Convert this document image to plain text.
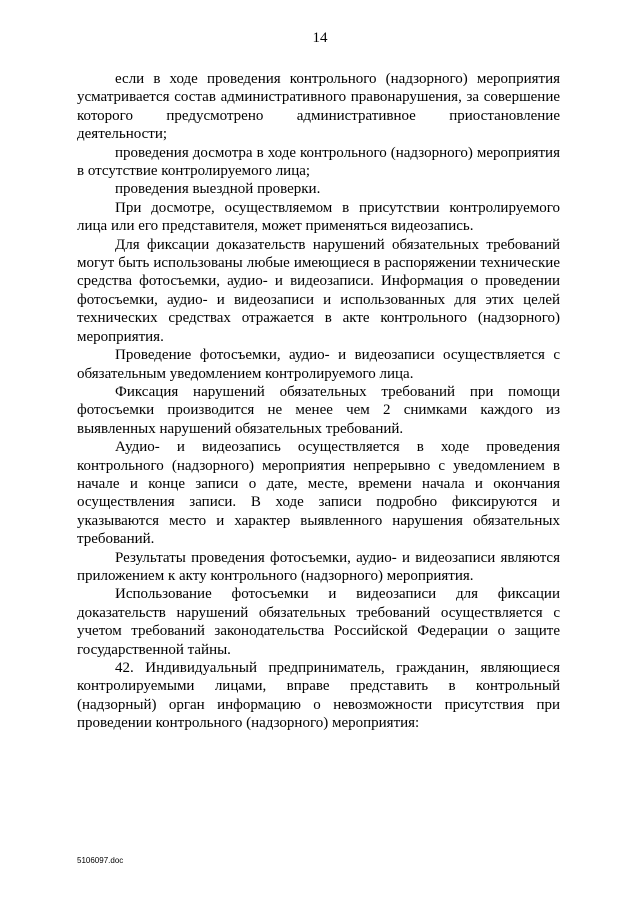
14

если в ходе проведения контрольного (надзорного) мероприятия усматривается состав административного правонарушения, за совершение которого предусмотрено административное приостановление деятельности;

проведения досмотра в ходе контрольного (надзорного) мероприятия в отсутствие контролируемого лица;

проведения выездной проверки.

При досмотре, осуществляемом в присутствии контролируемого лица или его представителя, может применяться видеозапись.

Для фиксации доказательств нарушений обязательных требований могут быть использованы любые имеющиеся в распоряжении технические средства фотосъемки, аудио- и видеозаписи. Информация о проведении фотосъемки, аудио- и видеозаписи и использованных для этих целей технических средствах отражается в акте контрольного (надзорного) мероприятия.

Проведение фотосъемки, аудио- и видеозаписи осуществляется с обязательным уведомлением контролируемого лица.

Фиксация нарушений обязательных требований при помощи фотосъемки производится не менее чем 2 снимками каждого из выявленных нарушений обязательных требований.

Аудио- и видеозапись осуществляется в ходе проведения контрольного (надзорного) мероприятия непрерывно с уведомлением в начале и конце записи о дате, месте, времени начала и окончания осуществления записи. В ходе записи подробно фиксируются и указываются место и характер выявленного нарушения обязательных требований.

Результаты проведения фотосъемки, аудио- и видеозаписи являются приложением к акту контрольного (надзорного) мероприятия.

Использование фотосъемки и видеозаписи для фиксации доказательств нарушений обязательных требований осуществляется с учетом требований законодательства Российской Федерации о защите государственной тайны.

42. Индивидуальный предприниматель, гражданин, являющиеся контролируемыми лицами, вправе представить в контрольный (надзорный) орган информацию о невозможности присутствия при проведении контрольного (надзорного) мероприятия:

5106097.doc
